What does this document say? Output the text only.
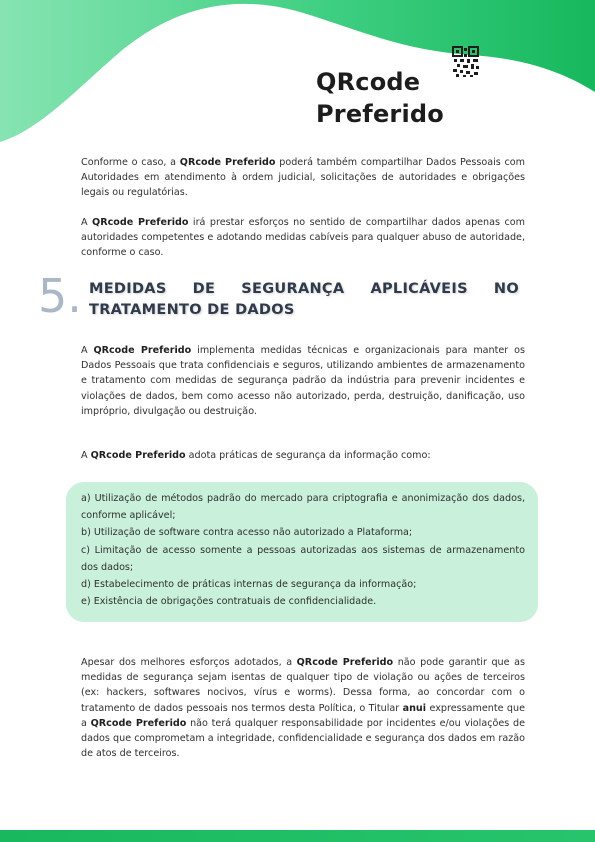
QRcode
Preferido

Conforme o caso, a QRcode Preferido poderá também compartilhar Dados Pessoais com Autoridades em atendimento à ordem judicial, solicitações de autoridades e obrigações legais ou regulatórias.

A QRcode Preferido irá prestar esforços no sentido de compartilhar dados apenas com autoridades competentes e adotando medidas cabíveis para qualquer abuso de autoridade, conforme o caso.

5. MEDIDAS DE SEGURANÇA APLICÁVEIS NO
TRATAMENTO DE DADOS

A QRcode Preferido implementa medidas técnicas e organizacionais para manter os Dados Pessoais que trata confidenciais e seguros, utilizando ambientes de armazenamento e tratamento com medidas de segurança padrão da indústria para prevenir incidentes e violações de dados, bem como acesso não autorizado, perda, destruição, danificação, uso impróprio, divulgação ou destruição.

A QRcode Preferido adota práticas de segurança da informação como:

a) Utilização de métodos padrão do mercado para criptografia e anonimização dos dados, conforme aplicável;
b) Utilização de software contra acesso não autorizado a Plataforma;
c) Limitação de acesso somente a pessoas autorizadas aos sistemas de armazenamento dos dados;
d) Estabelecimento de práticas internas de segurança da informação;
e) Existência de obrigações contratuais de confidencialidade.

Apesar dos melhores esforços adotados, a QRcode Preferido não pode garantir que as medidas de segurança sejam isentas de qualquer tipo de violação ou ações de terceiros (ex: hackers, softwares nocivos, vírus e worms). Dessa forma, ao concordar com o tratamento de dados pessoais nos termos desta Política, o Titular anui expressamente que a QRcode Preferido não terá qualquer responsabilidade por incidentes e/ou violações de dados que comprometam a integridade, confidencialidade e segurança dos dados em razão de atos de terceiros.
